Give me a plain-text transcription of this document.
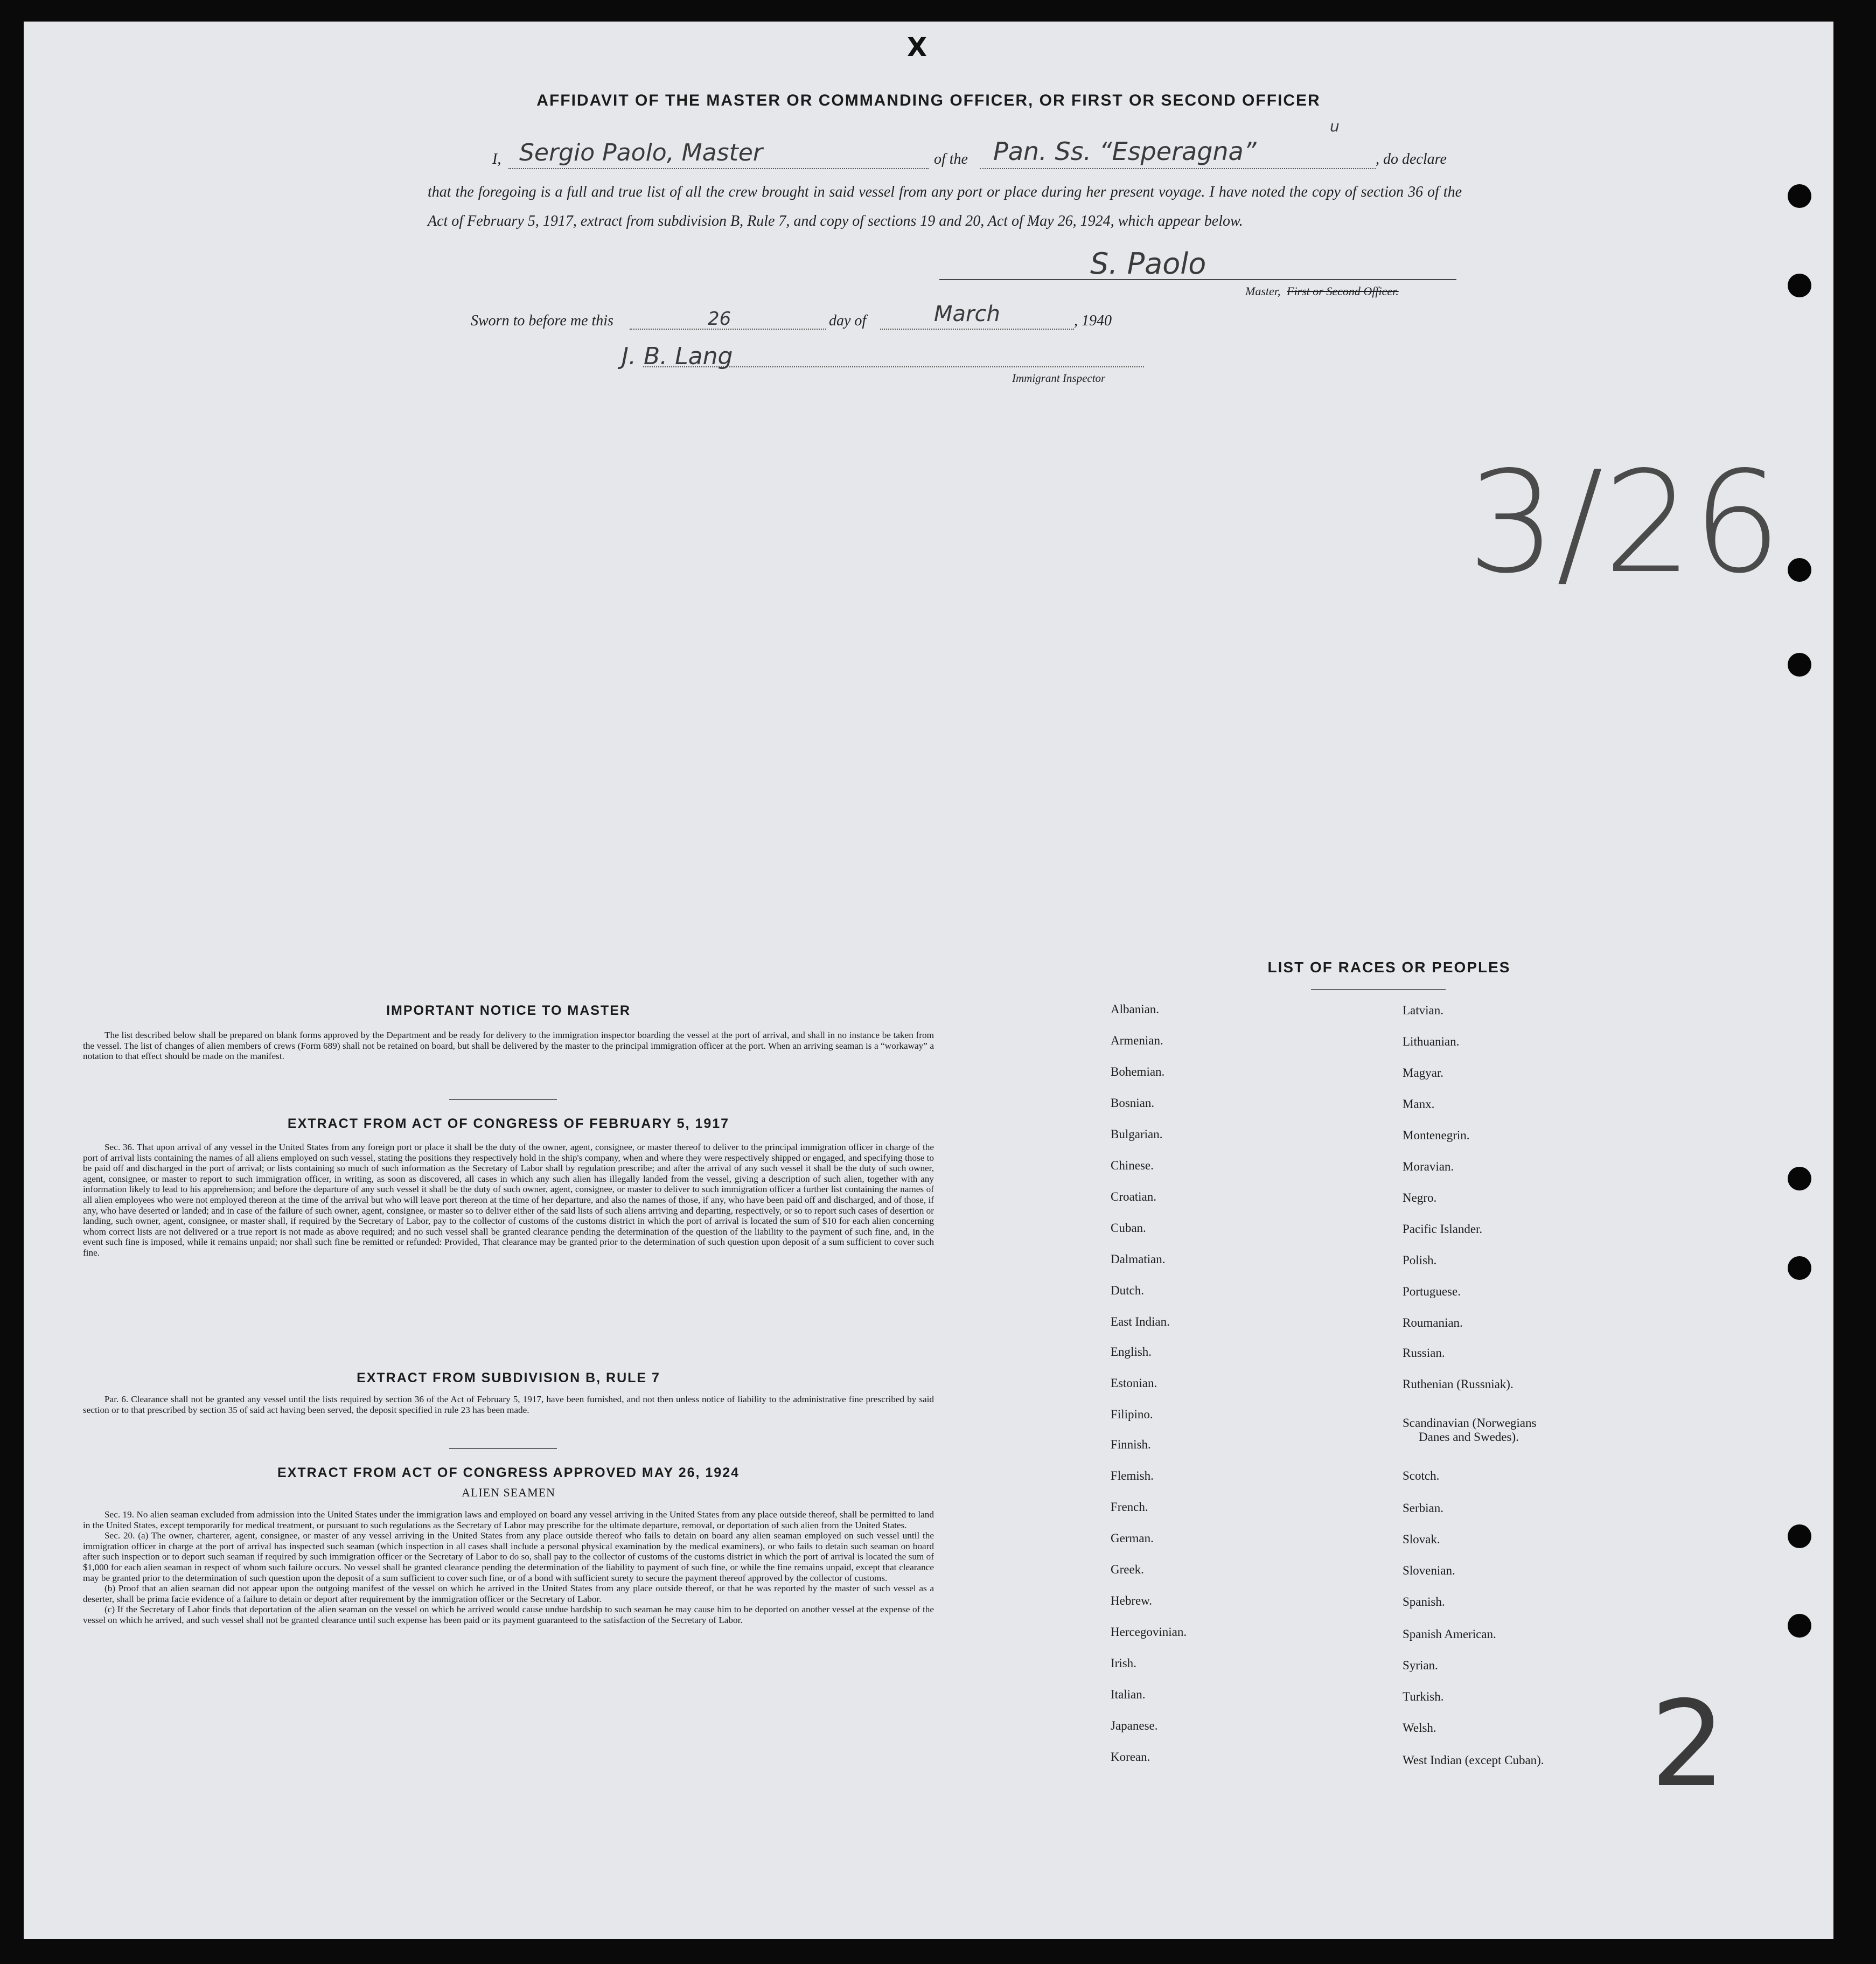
X
AFFIDAVIT OF THE MASTER OR COMMANDING OFFICER, OR FIRST OR SECOND OFFICER
I, Sergio Paolo, Master	of the Pan. Ss. “Esperagna”
u
, do declare
that the foregoing is a full and true list of all the crew brought in said vessel from any port or place during her present voyage. I have noted the copy of section 36 of the Act of February 5, 1917, extract from subdivision B, Rule 7, and copy of sections 19 and 20, Act of May 26, 1924, which appear below.
S. Paolo
Master, First or Second Officer.
Sworn to before me this	26	day of	March	, 1940
J. B. Lang
Immigrant Inspector
3/26
IMPORTANT NOTICE TO MASTER

The list described below shall be prepared on blank forms approved by the Department and be ready for delivery to the immigration inspector boarding the vessel at the port of arrival, and shall in no instance be taken from the vessel. The list of changes of alien members of crews (Form 689) shall not be retained on board, but shall be delivered by the master to the principal immigration officer at the port. When an arriving seaman is a “workaway” a notation to that effect should be made on the manifest.

EXTRACT FROM ACT OF CONGRESS OF FEBRUARY 5, 1917

Sec. 36. That upon arrival of any vessel in the United States from any foreign port or place it shall be the duty of the owner, agent, consignee, or master thereof to deliver to the principal immigration officer in charge of the port of arrival lists containing the names of all aliens employed on such vessel, stating the positions they respectively hold in the ship's company, when and where they were respectively shipped or engaged, and specifying those to be paid off and discharged in the port of arrival; or lists containing so much of such information as the Secretary of Labor shall by regulation prescribe; and after the arrival of any such vessel it shall be the duty of such owner, agent, consignee, or master to report to such immigration officer, in writing, as soon as discovered, all cases in which any such alien has illegally landed from the vessel, giving a description of such alien, together with any information likely to lead to his apprehension; and before the departure of any such vessel it shall be the duty of such owner, agent, consignee, or master to deliver to such immigration officer a further list containing the names of all alien employees who were not employed thereon at the time of the arrival but who will leave port thereon at the time of her departure, and also the names of those, if any, who have been paid off and discharged, and of those, if any, who have deserted or landed; and in case of the failure of such owner, agent, consignee, or master so to deliver either of the said lists of such aliens arriving and departing, respectively, or so to report such cases of desertion or landing, such owner, agent, consignee, or master shall, if required by the Secretary of Labor, pay to the collector of customs of the customs district in which the port of arrival is located the sum of $10 for each alien concerning whom correct lists are not delivered or a true report is not made as above required; and no such vessel shall be granted clearance pending the determination of the question of the liability to the payment of such fine, and, in the event such fine is imposed, while it remains unpaid; nor shall such fine be remitted or refunded: Provided, That clearance may be granted prior to the determination of such question upon deposit of a sum sufficient to cover such fine.

EXTRACT FROM SUBDIVISION B, RULE 7

Par. 6. Clearance shall not be granted any vessel until the lists required by section 36 of the Act of February 5, 1917, have been furnished, and not then unless notice of liability to the administrative fine prescribed by said section or to that prescribed by section 35 of said act having been served, the deposit specified in rule 23 has been made.

EXTRACT FROM ACT OF CONGRESS APPROVED MAY 26, 1924
ALIEN SEAMEN

Sec. 19. No alien seaman excluded from admission into the United States under the immigration laws and employed on board any vessel arriving in the United States from any place outside thereof, shall be permitted to land in the United States, except temporarily for medical treatment, or pursuant to such regulations as the Secretary of Labor may prescribe for the ultimate departure, removal, or deportation of such alien from the United States.

Sec. 20. (a) The owner, charterer, agent, consignee, or master of any vessel arriving in the United States from any place outside thereof who fails to detain on board any alien seaman employed on such vessel until the immigration officer in charge at the port of arrival has inspected such seaman (which inspection in all cases shall include a personal physical examination by the medical examiners), or who fails to detain such seaman on board after such inspection or to deport such seaman if required by such immigration officer or the Secretary of Labor to do so, shall pay to the collector of customs of the customs district in which the port of arrival is located the sum of $1,000 for each alien seaman in respect of whom such failure occurs. No vessel shall be granted clearance pending the determination of the liability to payment of such fine, or while the fine remains unpaid, except that clearance may be granted prior to the determination of such question upon the deposit of a sum sufficient to cover such fine, or of a bond with sufficient surety to secure the payment thereof approved by the collector of customs.

(b) Proof that an alien seaman did not appear upon the outgoing manifest of the vessel on which he arrived in the United States from any place outside thereof, or that he was reported by the master of such vessel as a deserter, shall be prima facie evidence of a failure to detain or deport after requirement by the immigration officer or the Secretary of Labor.

(c) If the Secretary of Labor finds that deportation of the alien seaman on the vessel on which he arrived would cause undue hardship to such seaman he may cause him to be deported on another vessel at the expense of the vessel on which he arrived, and such vessel shall not be granted clearance until such expense has been paid or its payment guaranteed to the satisfaction of the Secretary of Labor.

LIST OF RACES OR PEOPLES
Albanian.
Armenian.
Bohemian.
Bosnian.
Bulgarian.
Chinese.
Croatian.
Cuban.
Dalmatian.
Dutch.
East Indian.
English.
Estonian.
Filipino.
Finnish.
Flemish.
French.
German.
Greek.
Hebrew.
Hercegovinian.
Irish.
Italian.
Japanese.
Korean.
Latvian.
Lithuanian.
Magyar.
Manx.
Montenegrin.
Moravian.
Negro.
Pacific Islander.
Polish.
Portuguese.
Roumanian.
Russian.
Ruthenian (Russniak).
Scandinavian (Norwegians
Danes and Swedes).
Scotch.
Serbian.
Slovak.
Slovenian.
Spanish.
Spanish American.
Syrian.
Turkish.
Welsh.
West Indian (except Cuban). 2
